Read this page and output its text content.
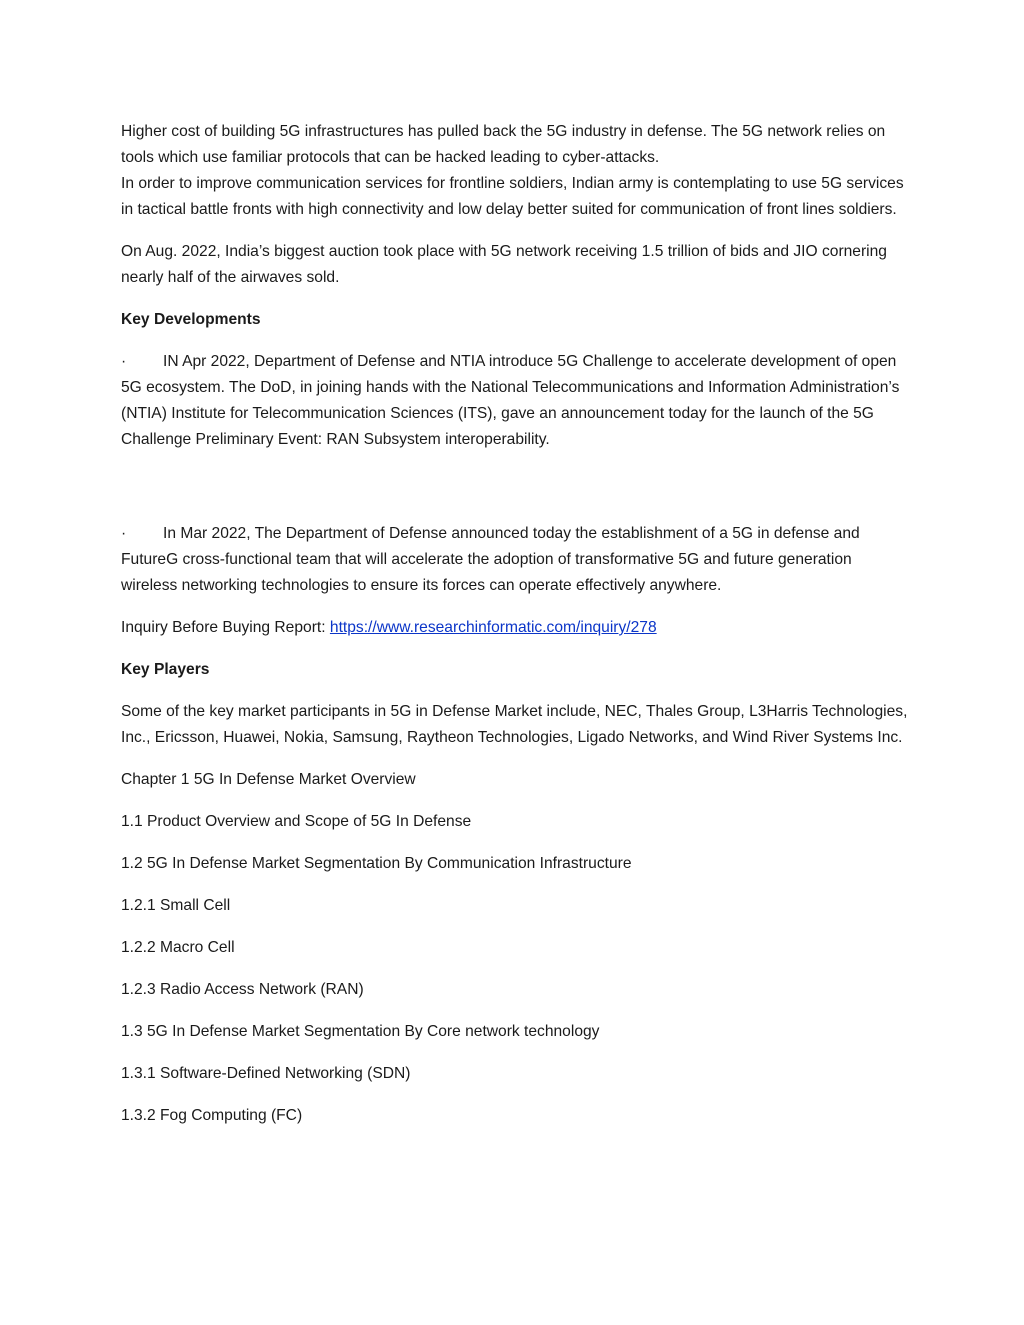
Higher cost of building 5G infrastructures has pulled back the 5G industry in defense. The 5G network relies on tools which use familiar protocols that can be hacked leading to cyber-attacks.

In order to improve communication services for frontline soldiers, Indian army is contemplating to use 5G services in tactical battle fronts with high connectivity and low delay better suited for communication of front lines soldiers.

On Aug. 2022, India’s biggest auction took place with 5G network receiving 1.5 trillion of bids and JIO cornering nearly half of the airwaves sold.

Key Developments

· IN Apr 2022, Department of Defense and NTIA introduce 5G Challenge to accelerate development of open 5G ecosystem. The DoD, in joining hands with the National Telecommunications and Information Administration’s (NTIA) Institute for Telecommunication Sciences (ITS), gave an announcement today for the launch of the 5G Challenge Preliminary Event: RAN Subsystem interoperability.

· In Mar 2022, The Department of Defense announced today the establishment of a 5G in defense and FutureG cross-functional team that will accelerate the adoption of transformative 5G and future generation wireless networking technologies to ensure its forces can operate effectively anywhere.

Inquiry Before Buying Report: https://www.researchinformatic.com/inquiry/278

Key Players

Some of the key market participants in 5G in Defense Market include, NEC, Thales Group, L3Harris Technologies, Inc., Ericsson, Huawei, Nokia, Samsung, Raytheon Technologies, Ligado Networks, and Wind River Systems Inc.

Chapter 1 5G In Defense Market Overview

1.1 Product Overview and Scope of 5G In Defense

1.2 5G In Defense Market Segmentation By Communication Infrastructure

1.2.1 Small Cell

1.2.2 Macro Cell

1.2.3 Radio Access Network (RAN)

1.3 5G In Defense Market Segmentation By Core network technology

1.3.1 Software-Defined Networking (SDN)

1.3.2 Fog Computing (FC)
